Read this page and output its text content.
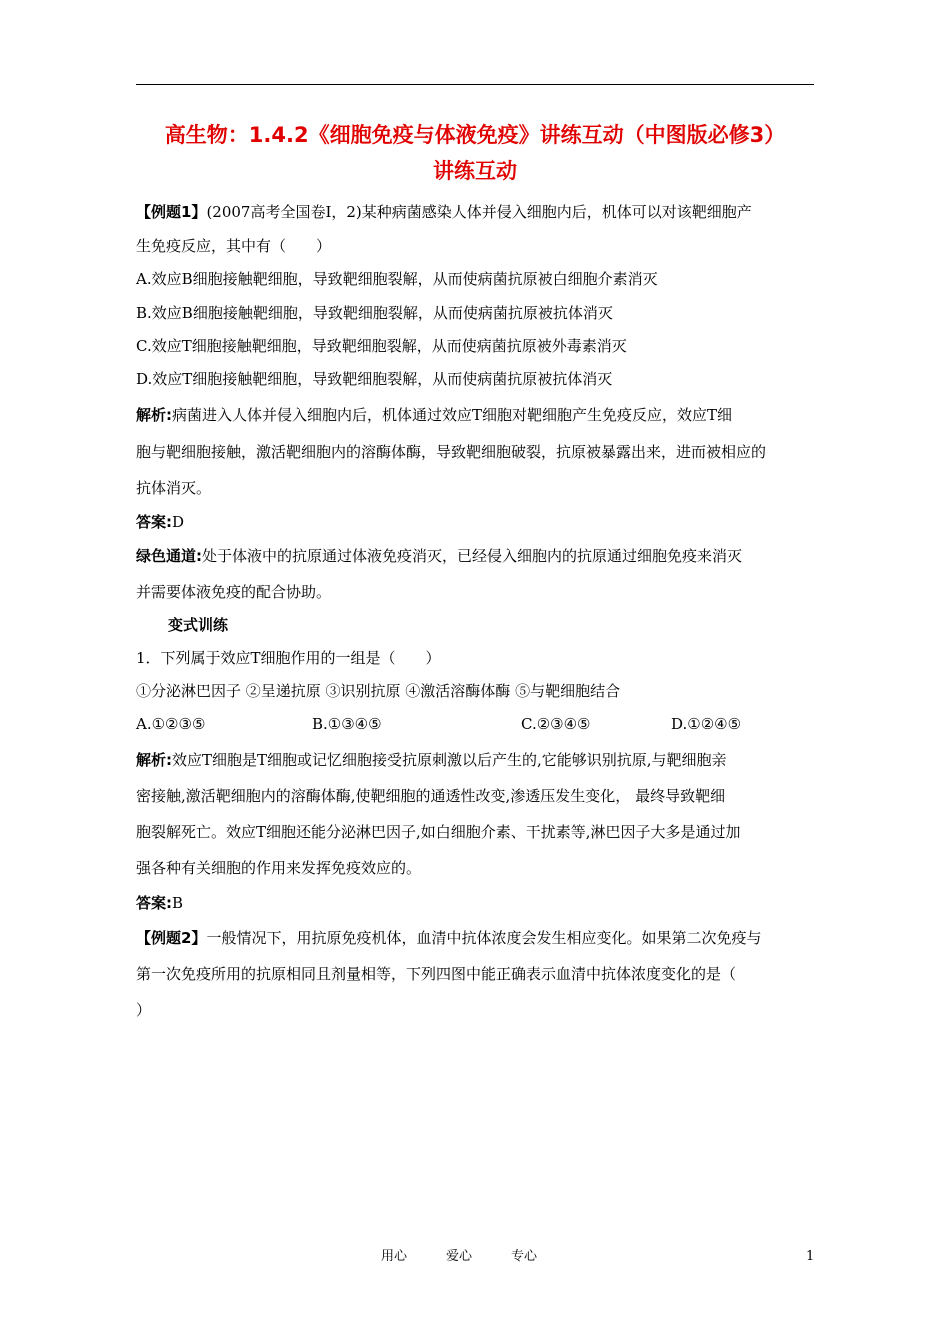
高生物：1.4.2《细胞免疫与体液免疫》讲练互动（中图版必修3）
讲练互动
【例题1】(2007高考全国卷Ⅰ，2)某种病菌感染人体并侵入细胞内后，机体可以对该靶细胞产
生免疫反应，其中有（　　）
A.效应B细胞接触靶细胞，导致靶细胞裂解，从而使病菌抗原被白细胞介素消灭
B.效应B细胞接触靶细胞，导致靶细胞裂解，从而使病菌抗原被抗体消灭
C.效应T细胞接触靶细胞，导致靶细胞裂解，从而使病菌抗原被外毒素消灭
D.效应T细胞接触靶细胞，导致靶细胞裂解，从而使病菌抗原被抗体消灭
解析:病菌进入人体并侵入细胞内后，机体通过效应T细胞对靶细胞产生免疫反应，效应T细
胞与靶细胞接触，激活靶细胞内的溶酶体酶，导致靶细胞破裂，抗原被暴露出来，进而被相应的
抗体消灭。
答案:D
绿色通道:处于体液中的抗原通过体液免疫消灭，已经侵入细胞内的抗原通过细胞免疫来消灭
并需要体液免疫的配合协助。
变式训练
1．下列属于效应T细胞作用的一组是（　　）
①分泌淋巴因子 ②呈递抗原 ③识别抗原 ④激活溶酶体酶 ⑤与靶细胞结合
A.①②③⑤	B.①③④⑤	C.②③④⑤	D.①②④⑤
解析:效应T细胞是T细胞或记忆细胞接受抗原刺激以后产生的,它能够识别抗原,与靶细胞亲
密接触,激活靶细胞内的溶酶体酶,使靶细胞的通透性改变,渗透压发生变化， 最终导致靶细
胞裂解死亡。效应T细胞还能分泌淋巴因子,如白细胞介素、干扰素等,淋巴因子大多是通过加
强各种有关细胞的作用来发挥免疫效应的。
答案:B
【例题2】一般情况下，用抗原免疫机体，血清中抗体浓度会发生相应变化。如果第二次免疫与
第一次免疫所用的抗原相同且剂量相等，下列四图中能正确表示血清中抗体浓度变化的是（
）
用心	爱心	专心	1
